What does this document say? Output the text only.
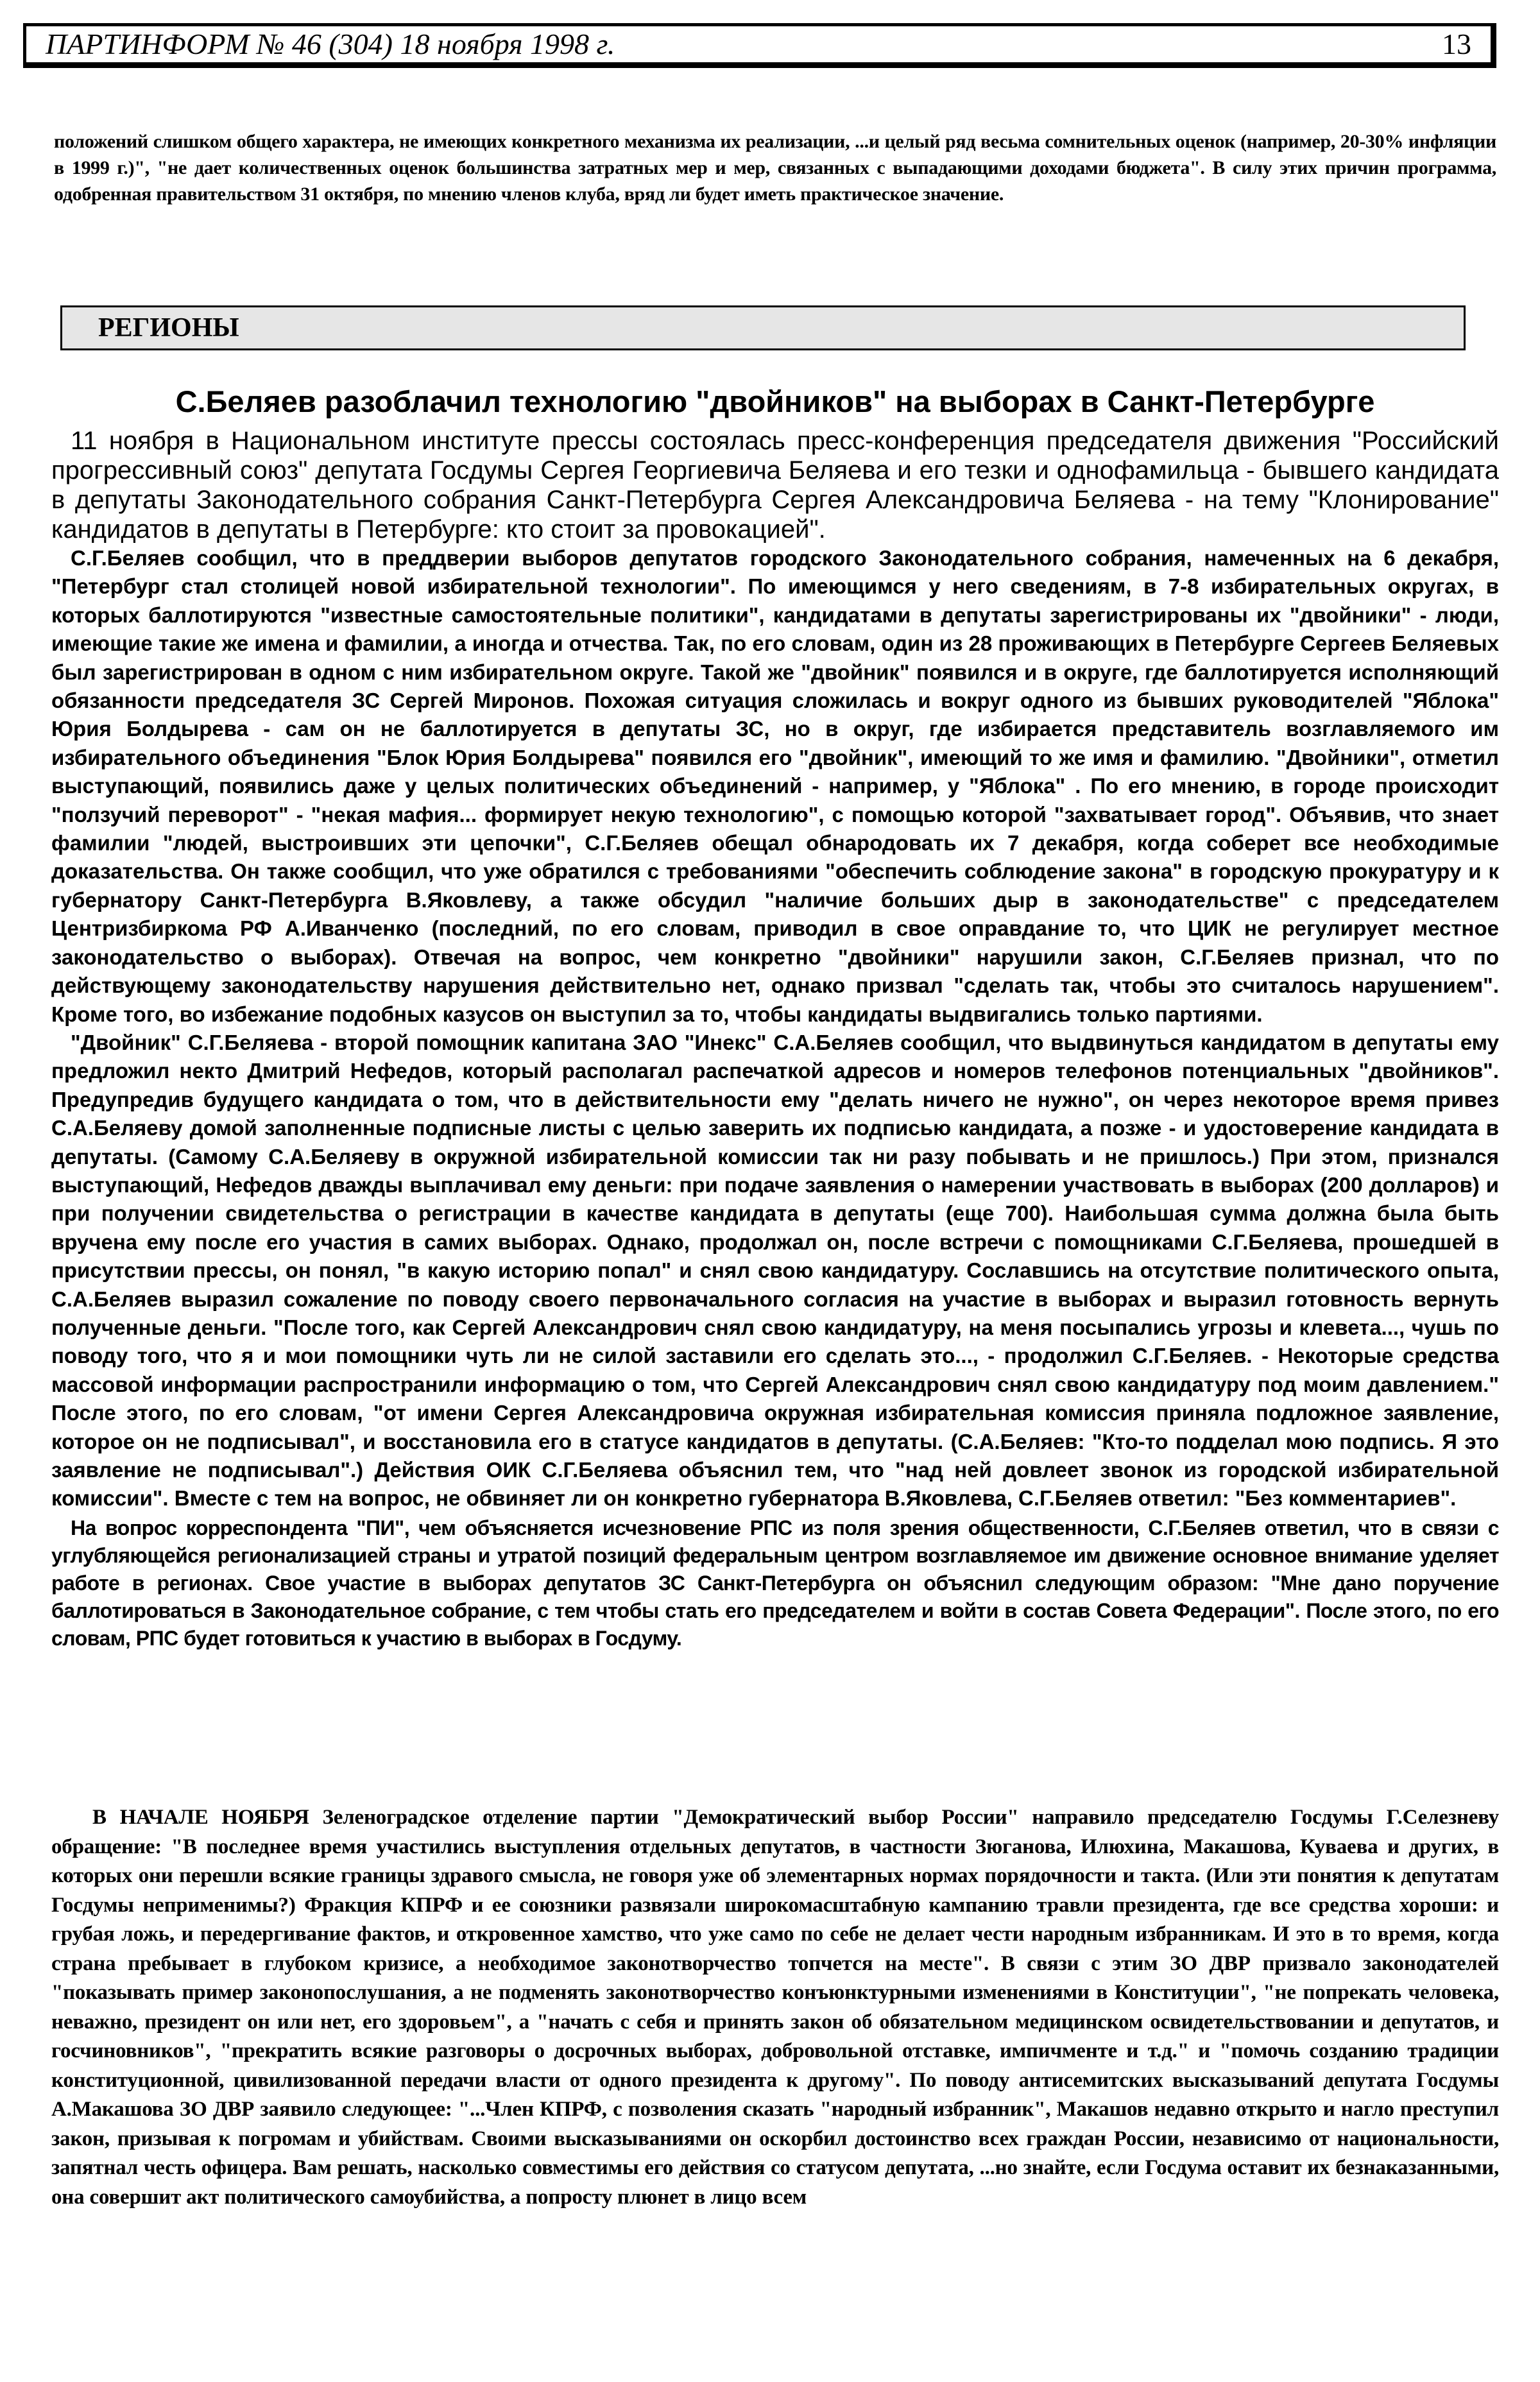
ПАРТИНФОРМ № 46 (304) 18 ноября 1998 г.	13

положений слишком общего характера, не имеющих конкретного механизма их реализации, ...и целый ряд весьма сомнительных оценок (например, 20-30% инфляции в 1999 г.)", "не дает количественных оценок большинства затратных мер и мер, связанных с выпадающими доходами бюджета". В силу этих причин программа, одобренная правительством 31 октября, по мнению членов клуба, вряд ли будет иметь практическое значение.

РЕГИОНЫ
С.Беляев разоблачил технологию "двойников" на выборах в Санкт-Петербурге

11 ноября в Национальном институте прессы состоялась пресс-конференция председателя движения "Российский прогрессивный союз" депутата Госдумы Сергея Георгиевича Беляева и его тезки и однофамильца - бывшего кандидата в депутаты Законодательного собрания Санкт-Петербурга Сергея Александровича Беляева - на тему "Клонирование" кандидатов в депутаты в Петербурге: кто стоит за провокацией".

С.Г.Беляев сообщил, что в преддверии выборов депутатов городского Законодательного собрания, намеченных на 6 декабря, "Петербург стал столицей новой избирательной технологии". По имеющимся у него сведениям, в 7-8 избирательных округах, в которых баллотируются "известные самостоятельные политики", кандидатами в депутаты зарегистрированы их "двойники" - люди, имеющие такие же имена и фамилии, а иногда и отчества. Так, по его словам, один из 28 проживающих в Петербурге Сергеев Беляевых был зарегистрирован в одном с ним избирательном округе. Такой же "двойник" появился и в округе, где баллотируется исполняющий обязанности председателя ЗС Сергей Миронов. Похожая ситуация сложилась и вокруг одного из бывших руководителей "Яблока" Юрия Болдырева - сам он не баллотируется в депутаты ЗС, но в округ, где избирается представитель возглавляемого им избирательного объединения "Блок Юрия Болдырева" появился его "двойник", имеющий то же имя и фамилию. "Двойники", отметил выступающий, появились даже у целых политических объединений - например, у "Яблока" . По его мнению, в городе происходит "ползучий переворот" - "некая мафия... формирует некую технологию", с помощью которой "захватывает город". Объявив, что знает фамилии "людей, выстроивших эти цепочки", С.Г.Беляев обещал обнародовать их 7 декабря, когда соберет все необходимые доказательства. Он также сообщил, что уже обратился с требованиями "обеспечить соблюдение закона" в городскую прокуратуру и к губернатору Санкт-Петербурга В.Яковлеву, а также обсудил "наличие больших дыр в законодательстве" с председателем Центризбиркома РФ А.Иванченко (последний, по его словам, приводил в свое оправдание то, что ЦИК не регулирует местное законодательство о выборах). Отвечая на вопрос, чем конкретно "двойники" нарушили закон, С.Г.Беляев признал, что по действующему законодательству нарушения действительно нет, однако призвал "сделать так, чтобы это считалось нарушением". Кроме того, во избежание подобных казусов он выступил за то, чтобы кандидаты выдвигались только партиями.

"Двойник" С.Г.Беляева - второй помощник капитана ЗАО "Инекс" С.А.Беляев сообщил, что выдвинуться кандидатом в депутаты ему предложил некто Дмитрий Нефедов, который располагал распечаткой адресов и номеров телефонов потенциальных "двойников". Предупредив будущего кандидата о том, что в действительности ему "делать ничего не нужно", он через некоторое время привез С.А.Беляеву домой заполненные подписные листы с целью заверить их подписью кандидата, а позже - и удостоверение кандидата в депутаты. (Самому С.А.Беляеву в окружной избирательной комиссии так ни разу побывать и не пришлось.) При этом, признался выступающий, Нефедов дважды выплачивал ему деньги: при подаче заявления о намерении участвовать в выборах (200 долларов) и при получении свидетельства о регистрации в качестве кандидата в депутаты (еще 700). Наибольшая сумма должна была быть вручена ему после его участия в самих выборах. Однако, продолжал он, после встречи с помощниками С.Г.Беляева, прошедшей в присутствии прессы, он понял, "в какую историю попал" и снял свою кандидатуру. Сославшись на отсутствие политического опыта, С.А.Беляев выразил сожаление по поводу своего первоначального согласия на участие в выборах и выразил готовность вернуть полученные деньги. "После того, как Сергей Александрович снял свою кандидатуру, на меня посыпались угрозы и клевета..., чушь по поводу того, что я и мои помощники чуть ли не силой заставили его сделать это..., - продолжил С.Г.Беляев. - Некоторые средства массовой информации распространили информацию о том, что Сергей Александрович снял свою кандидатуру под моим давлением." После этого, по его словам, "от имени Сергея Александровича окружная избирательная комиссия приняла подложное заявление, которое он не подписывал", и восстановила его в статусе кандидатов в депутаты. (С.А.Беляев: "Кто-то подделал мою подпись. Я это заявление не подписывал".) Действия ОИК С.Г.Беляева объяснил тем, что "над ней довлеет звонок из городской избирательной комиссии". Вместе с тем на вопрос, не обвиняет ли он конкретно губернатора В.Яковлева, С.Г.Беляев ответил: "Без комментариев".

На вопрос корреспондента "ПИ", чем объясняется исчезновение РПС из поля зрения общественности, С.Г.Беляев ответил, что в связи с углубляющейся регионализацией страны и утратой позиций федеральным центром возглавляемое им движение основное внимание уделяет работе в регионах. Свое участие в выборах депутатов ЗС Санкт-Петербурга он объяснил следующим образом: "Мне дано поручение баллотироваться в Законодательное собрание, с тем чтобы стать его председателем и войти в состав Совета Федерации". После этого, по его словам, РПС будет готовиться к участию в выборах в Госдуму.

В НАЧАЛЕ НОЯБРЯ Зеленоградское отделение партии "Демократический выбор России" направило председателю Госдумы Г.Селезневу обращение: "В последнее время участились выступления отдельных депутатов, в частности Зюганова, Илюхина, Макашова, Куваева и других, в которых они перешли всякие границы здравого смысла, не говоря уже об элементарных нормах порядочности и такта. (Или эти понятия к депутатам Госдумы неприменимы?) Фракция КПРФ и ее союзники развязали широкомасштабную кампанию травли президента, где все средства хороши: и грубая ложь, и передергивание фактов, и откровенное хамство, что уже само по себе не делает чести народным избранникам. И это в то время, когда страна пребывает в глубоком кризисе, а необходимое законотворчество топчется на месте". В связи с этим ЗО ДВР призвало законодателей "показывать пример законопослушания, а не подменять законотворчество конъюнктурными изменениями в Конституции", "не попрекать человека, неважно, президент он или нет, его здоровьем", а "начать с себя и принять закон об обязательном медицинском освидетельствовании и депутатов, и госчиновников", "прекратить всякие разговоры о досрочных выборах, добровольной отставке, импичменте и т.д." и "помочь созданию традиции конституционной, цивилизованной передачи власти от одного президента к другому". По поводу антисемитских высказываний депутата Госдумы А.Макашова ЗО ДВР заявило следующее: "...Член КПРФ, с позволения сказать "народный избранник", Макашов недавно открыто и нагло преступил закон, призывая к погромам и убийствам. Своими высказываниями он оскорбил достоинство всех граждан России, независимо от национальности, запятнал честь офицера. Вам решать, насколько совместимы его действия со статусом депутата, ...но знайте, если Госдума оставит их безнаказанными, она совершит акт политического самоубийства, а попросту плюнет в лицо всем
